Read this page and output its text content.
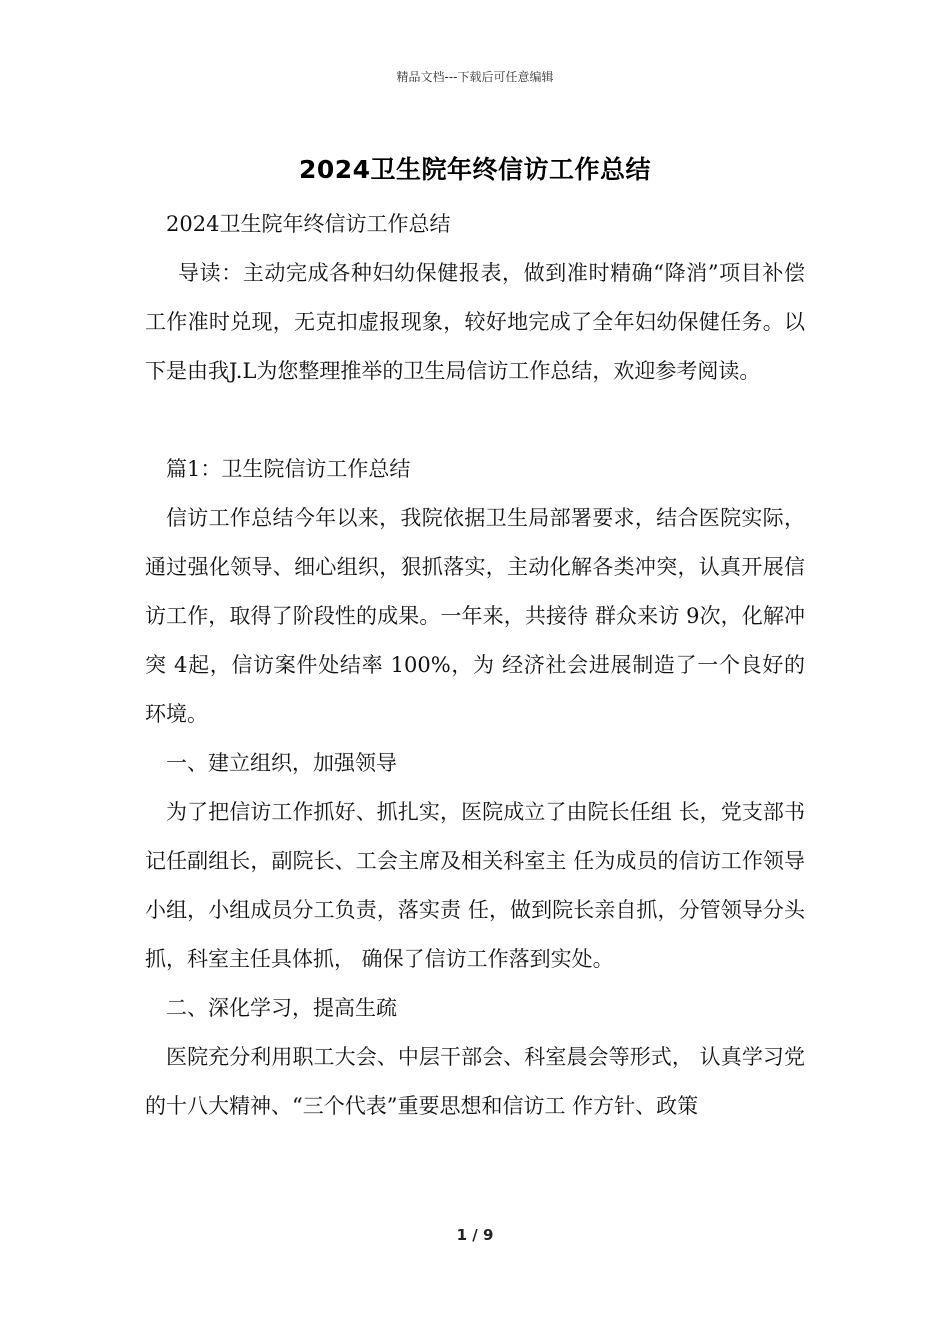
精品文档---下载后可任意编辑
2024卫生院年终信访工作总结

2024卫生院年终信访工作总结

导读：主动完成各种妇幼保健报表，做到准时精确“降消”项目补偿工作准时兑现，无克扣虚报现象，较好地完成了全年妇幼保健任务。以下是由我J.L为您整理推举的卫生局信访工作总结，欢迎参考阅读。

篇1：卫生院信访工作总结

信访工作总结今年以来，我院依据卫生局部署要求，结合医院实际， 通过强化领导、细心组织，狠抓落实，主动化解各类冲突，认真开展信访工作，取得了阶段性的成果。一年来，共接待 群众来访 9次，化解冲突 4起，信访案件处结率 100%，为 经济社会进展制造了一个良好的环境。

一、建立组织，加强领导

为了把信访工作抓好、抓扎实，医院成立了由院长任组 长，党支部书记任副组长，副院长、工会主席及相关科室主 任为成员的信访工作领导小组，小组成员分工负责，落实责 任，做到院长亲自抓，分管领导分头抓，科室主任具体抓， 确保了信访工作落到实处。

二、深化学习，提高生疏

医院充分利用职工大会、中层干部会、科室晨会等形式， 认真学习党的十八大精神、“三个代表”重要思想和信访工 作方针、政策

1 / 9
